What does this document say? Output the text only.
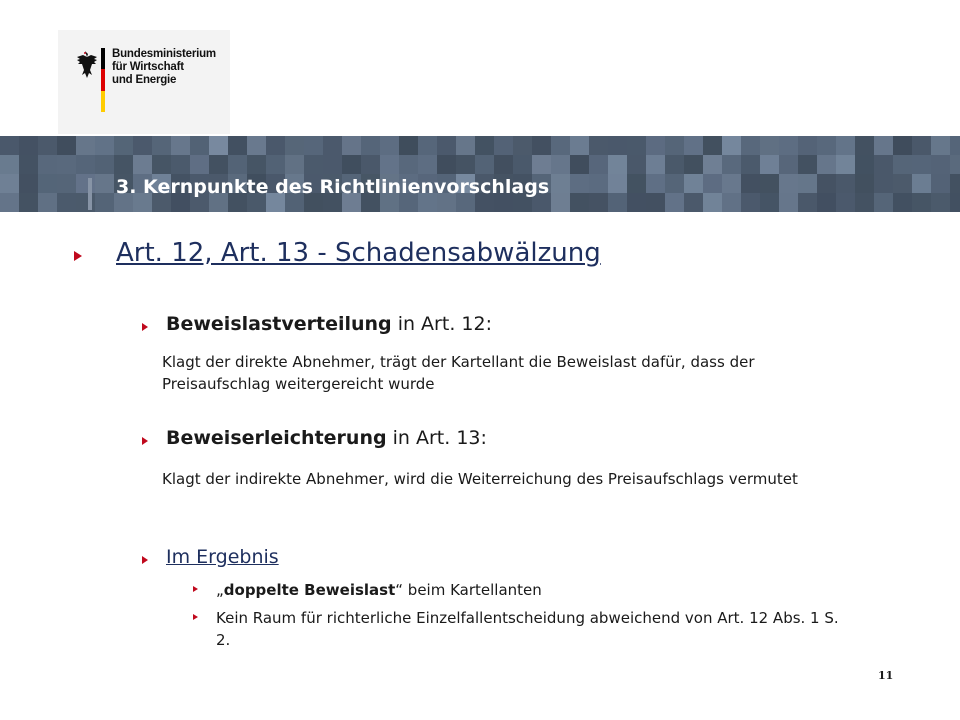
Bundesministerium
für Wirtschaft
und Energie
3. Kernpunkte des Richtlinienvorschlags
Art. 12, Art. 13 - Schadensabwälzung
Beweislastverteilung in Art. 12:
Klagt der direkte Abnehmer, trägt der Kartellant die Beweislast dafür, dass der Preisaufschlag weitergereicht wurde
Beweiserleichterung in Art. 13:
Klagt der indirekte Abnehmer, wird die Weiterreichung des Preisaufschlags vermutet
Im Ergebnis
„doppelte Beweislast“ beim Kartellanten
Kein Raum für richterliche Einzelfallentscheidung abweichend von Art. 12 Abs. 1 S. 2.
11
